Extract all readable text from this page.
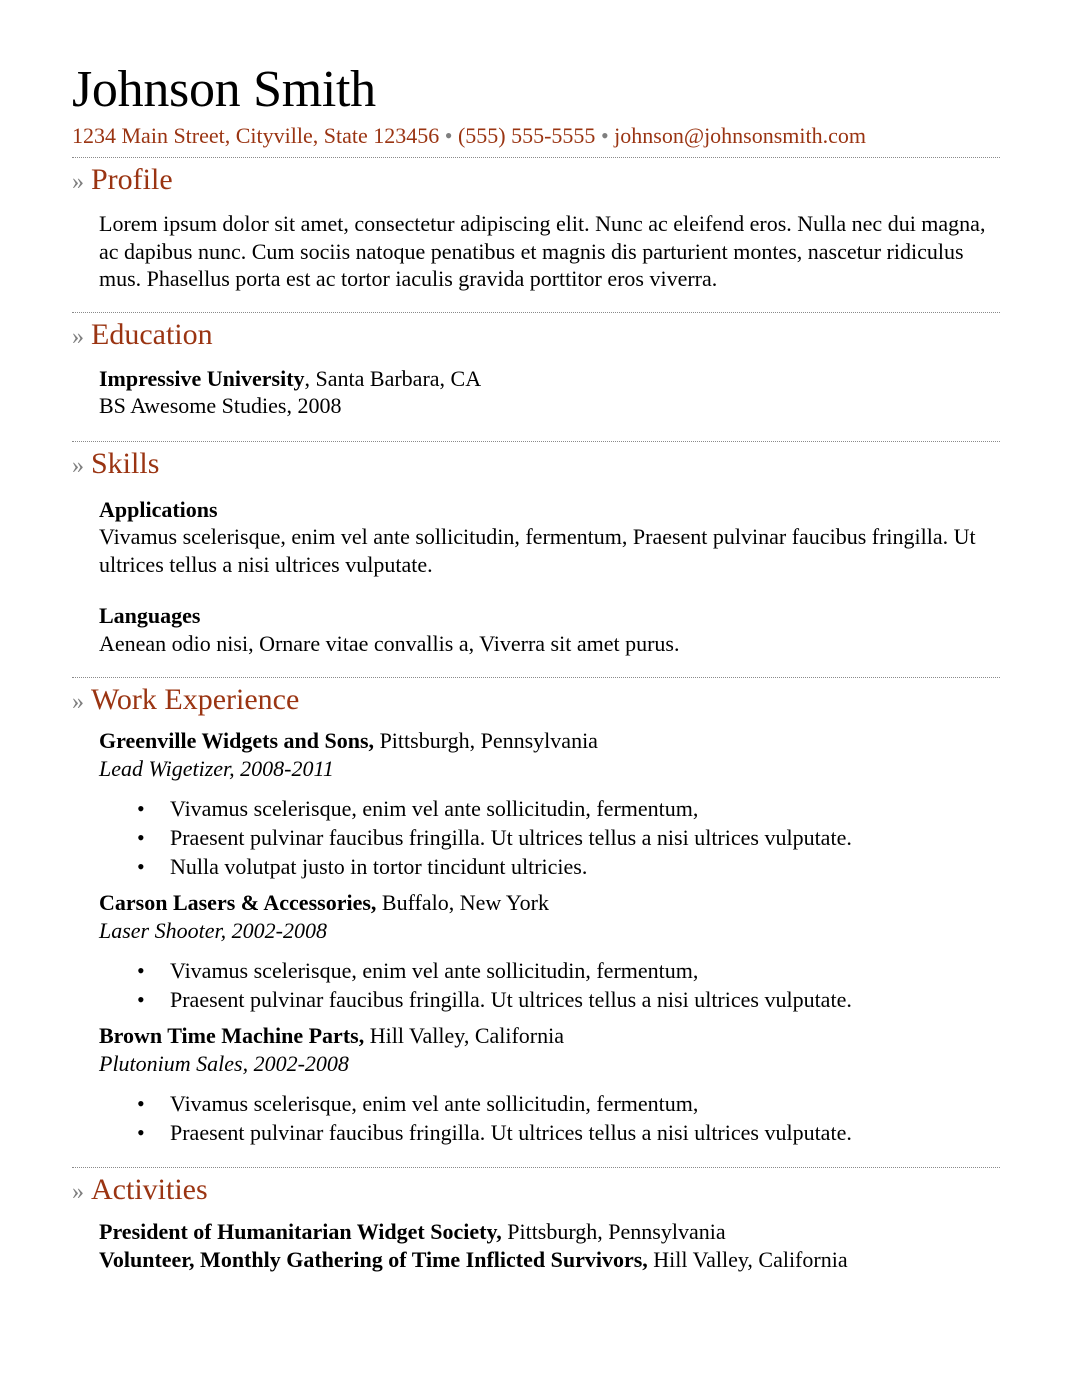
Johnson Smith
1234 Main Street, Cityville, State 123456 • (555) 555-5555 • johnson@johnsonsmith.com
» Profile
Lorem ipsum dolor sit amet, consectetur adipiscing elit. Nunc ac eleifend eros. Nulla nec dui magna, ac dapibus nunc. Cum sociis natoque penatibus et magnis dis parturient montes, nascetur ridiculus mus. Phasellus porta est ac tortor iaculis gravida porttitor eros viverra.
» Education
Impressive University, Santa Barbara, CA
BS Awesome Studies, 2008
» Skills
Applications
Vivamus scelerisque, enim vel ante sollicitudin, fermentum, Praesent pulvinar faucibus fringilla. Ut ultrices tellus a nisi ultrices vulputate.
Languages
Aenean odio nisi, Ornare vitae convallis a, Viverra sit amet purus.
» Work Experience
Greenville Widgets and Sons, Pittsburgh, Pennsylvania
Lead Wigetizer, 2008-2011
• Vivamus scelerisque, enim vel ante sollicitudin, fermentum,
• Praesent pulvinar faucibus fringilla. Ut ultrices tellus a nisi ultrices vulputate.
• Nulla volutpat justo in tortor tincidunt ultricies.
Carson Lasers & Accessories, Buffalo, New York
Laser Shooter, 2002-2008
• Vivamus scelerisque, enim vel ante sollicitudin, fermentum,
• Praesent pulvinar faucibus fringilla. Ut ultrices tellus a nisi ultrices vulputate.
Brown Time Machine Parts, Hill Valley, California
Plutonium Sales, 2002-2008
• Vivamus scelerisque, enim vel ante sollicitudin, fermentum,
• Praesent pulvinar faucibus fringilla. Ut ultrices tellus a nisi ultrices vulputate.
» Activities
President of Humanitarian Widget Society, Pittsburgh, Pennsylvania
Volunteer, Monthly Gathering of Time Inflicted Survivors, Hill Valley, California
